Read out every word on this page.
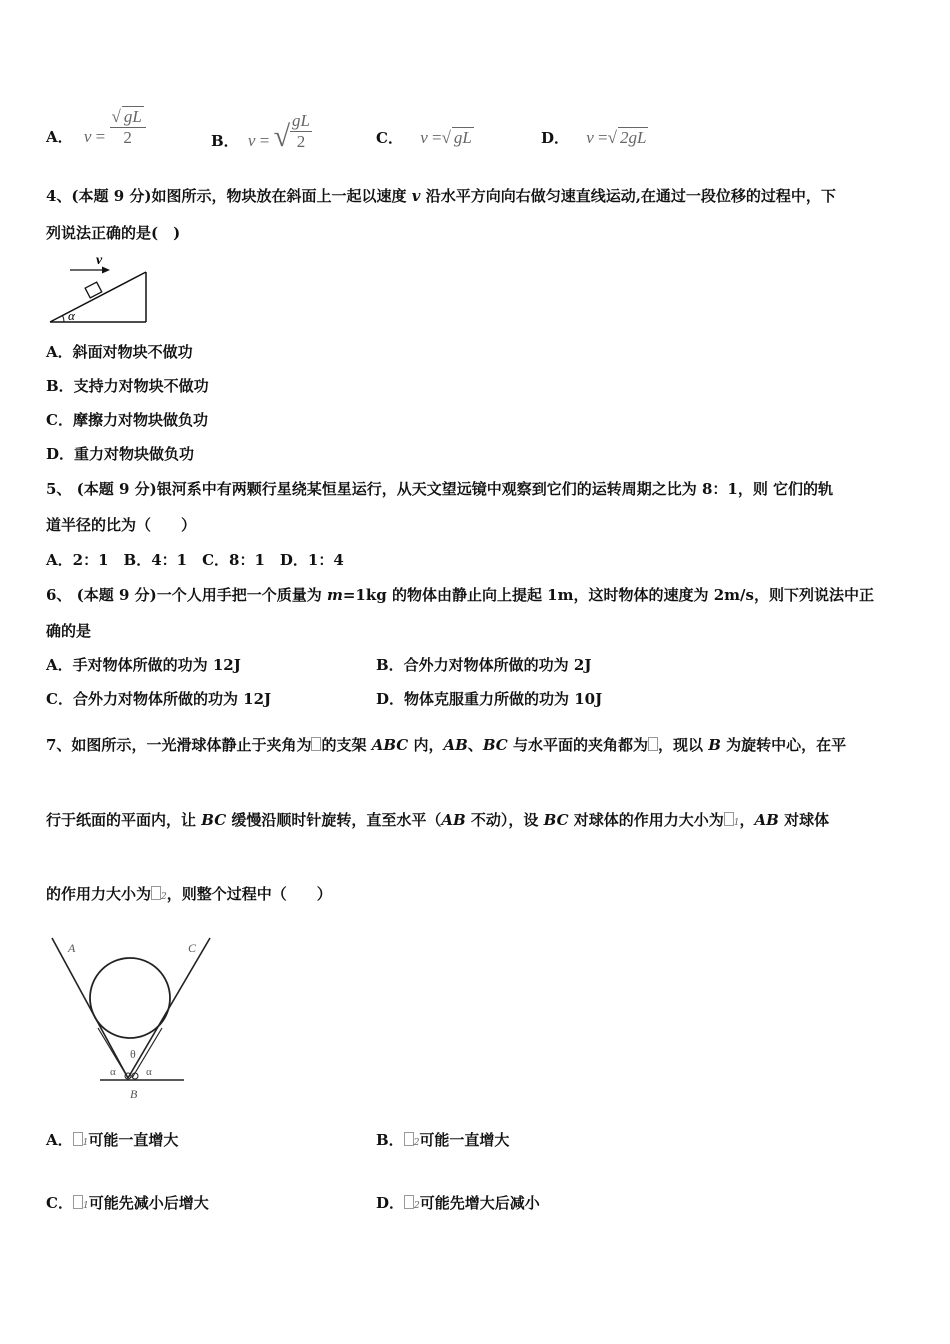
A． $v = \frac{√ gL}{2}$	B． v = √ $\frac{gL}{2}$	C． v =√ gL	D． v =√ 2gL
4、(本题 9 分)如图所示，物块放在斜面上一起以速度 v 沿水平方向向右做匀速直线运动,在通过一段位移的过程中，下
列说法正确的是(　)
v
α
A．斜面对物块不做功
B．支持力对物块不做功
C．摩擦力对物块做负功
D．重力对物块做负功
5、 (本题 9 分)银河系中有两颗行星绕某恒星运行，从天文望远镜中观察到它们的运转周期之比为 8：1，则 它们的轨
道半径的比为（　　）
A．2：1　B．4：1　C．8：1　D．1：4
6、 (本题 9 分)一个人用手把一个质量为 m=1kg 的物体由静止向上提起 1m，这时物体的速度为 2m/s，则下列说法中正
确的是
A．手对物体所做的功为 12J	B．合外力对物体所做的功为 2J
C．合外力对物体所做的功为 12J	D．物体克服重力所做的功为 10J
7、如图所示，一光滑球体静止于夹角为 的支架 ABC 内，AB、BC 与水平面的夹角都为 ，现以 B 为旋转中心，在平
行于纸面的平面内，让 BC 缓慢沿顺时针旋转，直至水平（AB 不动），设 BC 对球体的作用力大小为 1，AB 对球体
的作用力大小为 2，则整个过程中（　　）
A	C
θ
α	α
B
A． 1可能一直增大	B． 2可能一直增大
C． 1可能先减小后增大	D． 2可能先增大后减小
